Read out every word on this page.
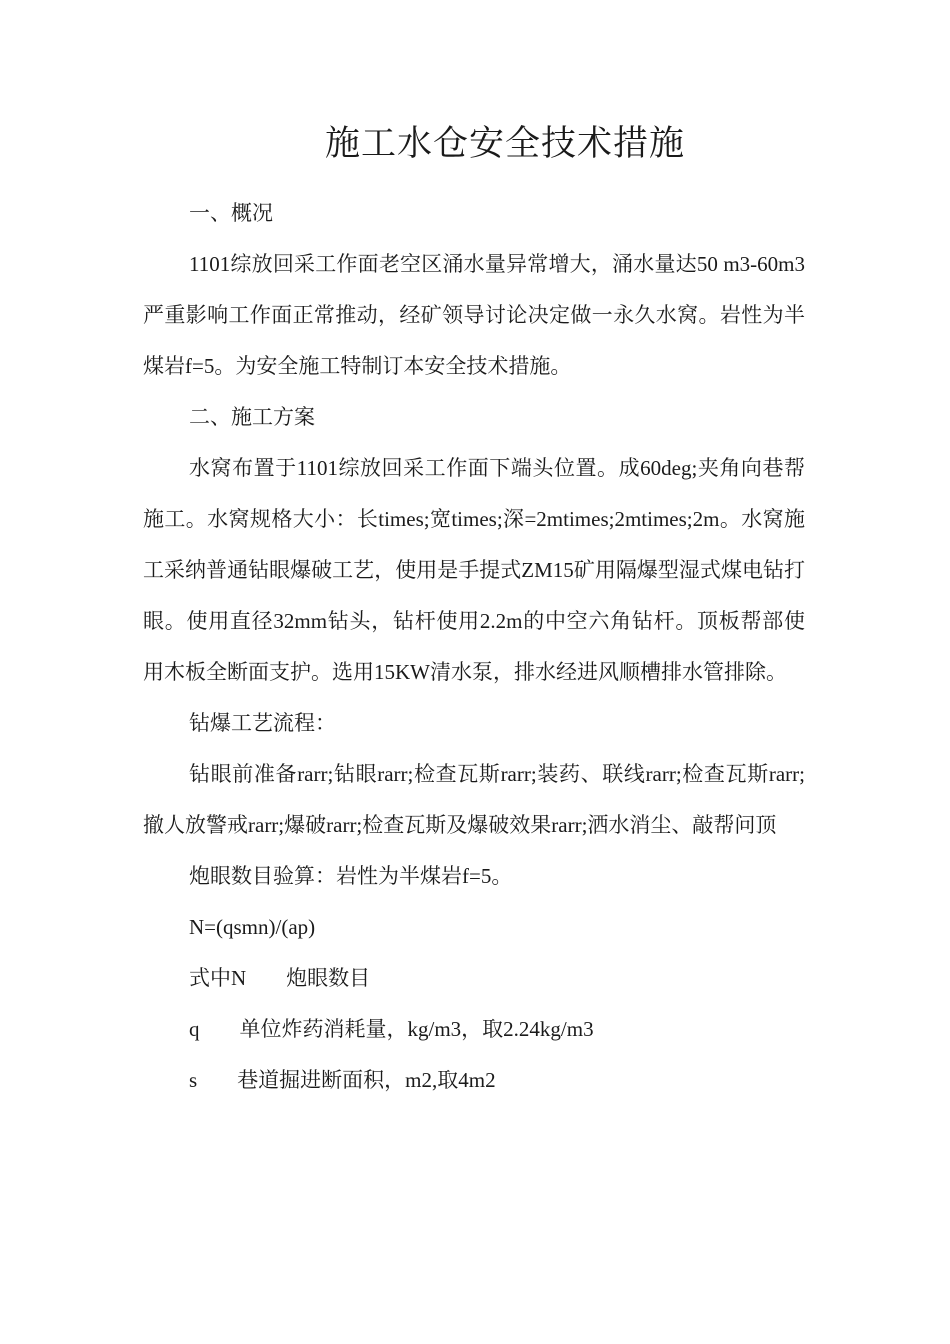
施工水仓安全技术措施

一、概况

1101综放回采工作面老空区涌水量异常增大，涌水量达50 m3-60m3严重影响工作面正常推动，经矿领导讨论决定做一永久水窝。岩性为半煤岩f=5。为安全施工特制订本安全技术措施。

二、施工方案

水窝布置于1101综放回采工作面下端头位置。成60deg;夹角向巷帮施工。水窝规格大小：长times;宽times;深=2mtimes;2mtimes;2m。水窝施工采纳普通钻眼爆破工艺，使用是手提式ZM15矿用隔爆型湿式煤电钻打眼。使用直径32mm钻头，钻杆使用2.2m的中空六角钻杆。顶板帮部使用木板全断面支护。选用15KW清水泵，排水经进风顺槽排水管排除。

钻爆工艺流程：

钻眼前准备rarr;钻眼rarr;检查瓦斯rarr;装药、联线rarr;检查瓦斯rarr;撤人放警戒rarr;爆破rarr;检查瓦斯及爆破效果rarr;洒水消尘、敲帮问顶

炮眼数目验算：岩性为半煤岩f=5。

N=(qsmn)/(ap)

式中N 炮眼数目
q 单位炸药消耗量，kg/m3，取2.24kg/m3
s 巷道掘进断面积，m2,取4m2
